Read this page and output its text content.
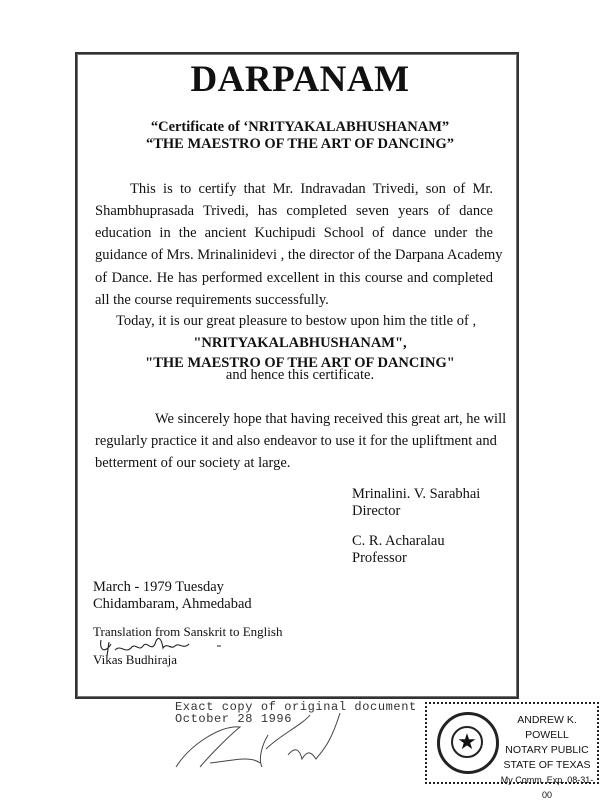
DARPANAM
“Certificate of ‘NRITYAKALABHUSHANAM”
“THE MAESTRO OF THE ART OF DANCING”
This is to certify that Mr. Indravadan Trivedi, son of Mr.
Shambhuprasada Trivedi, has completed seven years of dance
education in the ancient Kuchipudi School of dance under the
guidance of Mrs. Mrinalinidevi , the director of the Darpana Academy
of Dance. He has performed excellent in this course and completed
all the course requirements successfully.
Today, it is our great pleasure to bestow upon him the title of ,
"NRITYAKALABHUSHANAM",
"THE MAESTRO OF THE ART OF DANCING"
and hence this certificate.
We sincerely hope that having received this great art, he will
regularly practice it and also endeavor to use it for the upliftment and
betterment of our society at large.
Mrinalini. V. Sarabhai
Director
C. R. Acharalau
Professor
March - 1979 Tuesday
Chidambaram, Ahmedabad
Translation from Sanskrit to English
Vikas Budhiraja
Exact copy of original document
October 28 1996
★
ANDREW K. POWELL
NOTARY PUBLIC
STATE OF TEXAS
My Comm. Exp. 08-31-00
